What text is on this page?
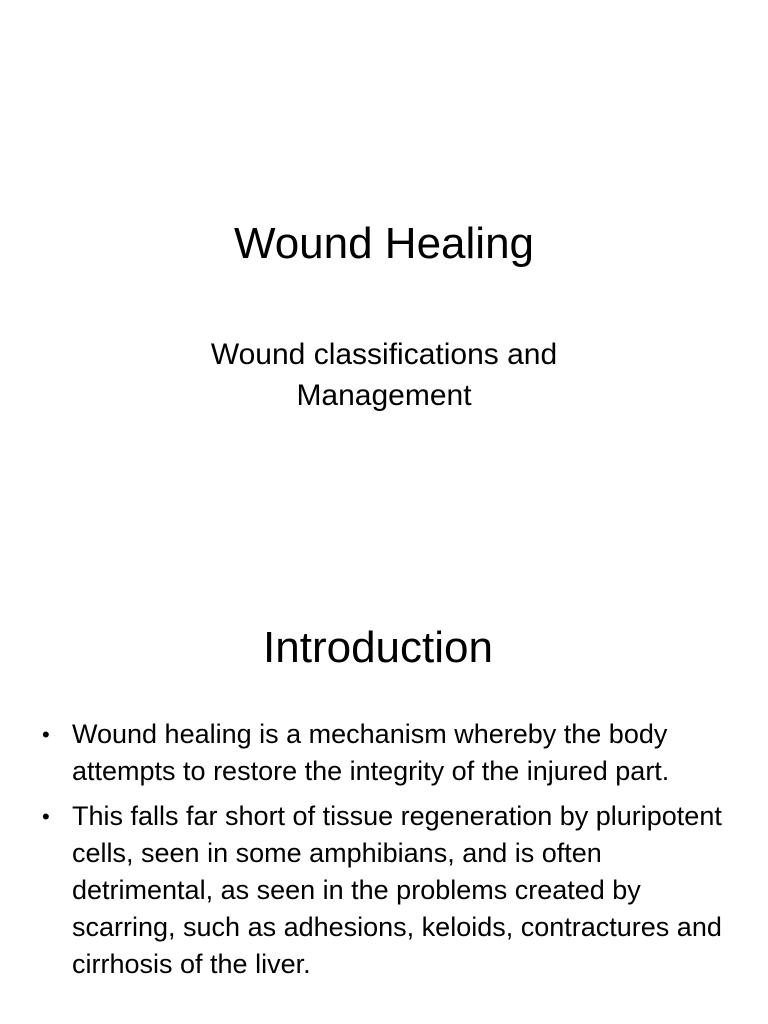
Wound Healing
Wound classifications and
Management
Introduction
• Wound healing is a mechanism whereby the body attempts to restore the integrity of the injured part.
• This falls far short of tissue regeneration by pluripotent cells, seen in some amphibians, and is often detrimental, as seen in the problems created by scarring, such as adhesions, keloids, contractures and cirrhosis of the liver.
